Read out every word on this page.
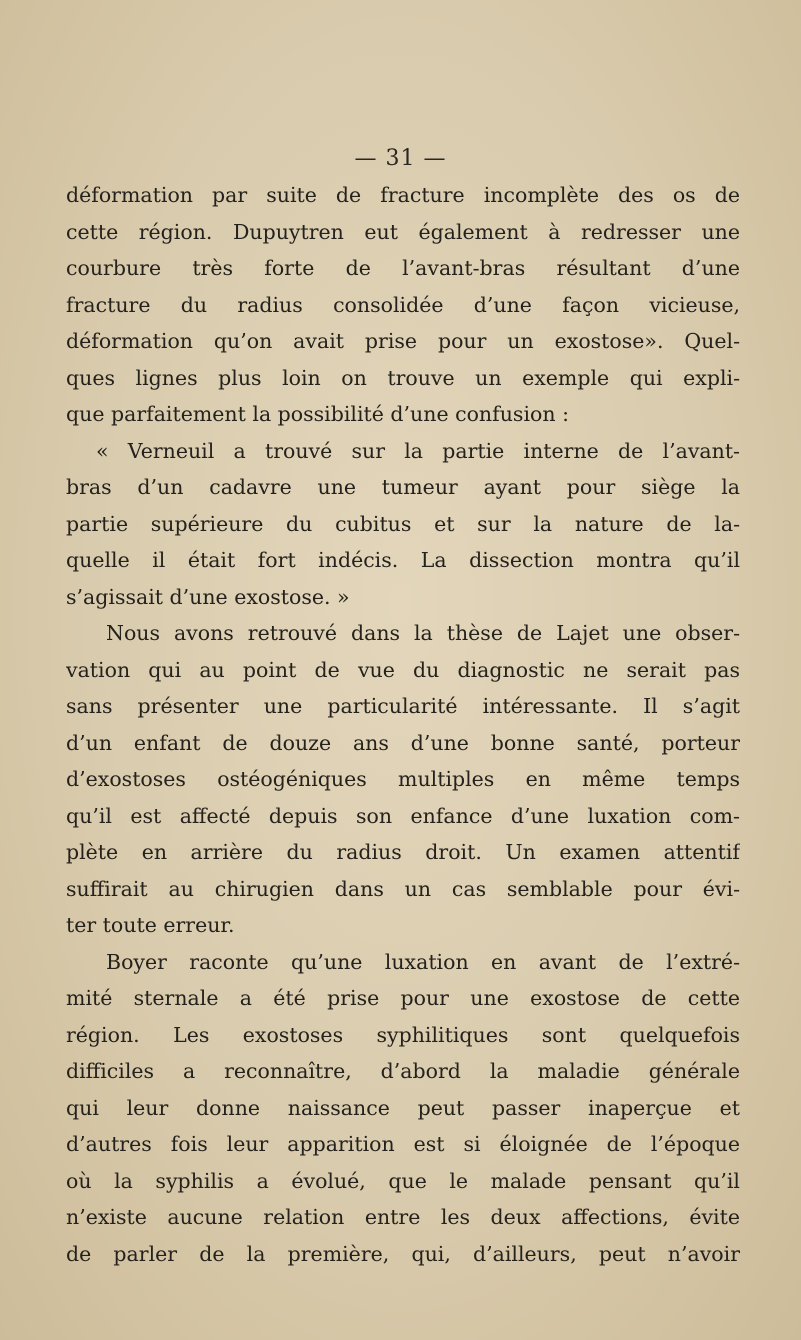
— 31 —
déformation par suite de fracture incomplète des os de
cette région. Dupuytren eut également à redresser une
courbure très forte de l’avant-bras résultant d’une
fracture du radius consolidée d’une façon vicieuse,
déformation qu’on avait prise pour un exostose». Quel-
ques lignes plus loin on trouve un exemple qui expli-
que parfaitement la possibilité d’une confusion :
« Verneuil a trouvé sur la partie interne de l’avant-
bras d’un cadavre une tumeur ayant pour siège la
partie supérieure du cubitus et sur la nature de la-
quelle il était fort indécis. La dissection montra qu’il
s’agissait d’une exostose. »
Nous avons retrouvé dans la thèse de Lajet une obser-
vation qui au point de vue du diagnostic ne serait pas
sans présenter une particularité intéressante. Il s’agit
d’un enfant de douze ans d’une bonne santé, porteur
d’exostoses ostéogéniques multiples en même temps
qu’il est affecté depuis son enfance d’une luxation com-
plète en arrière du radius droit. Un examen attentif
suffirait au chirugien dans un cas semblable pour évi-
ter toute erreur.
Boyer raconte qu’une luxation en avant de l’extré-
mité sternale a été prise pour une exostose de cette
région. Les exostoses syphilitiques sont quelquefois
difficiles a reconnaître, d’abord la maladie générale
qui leur donne naissance peut passer inaperçue et
d’autres fois leur apparition est si éloignée de l’époque
où la syphilis a évolué, que le malade pensant qu’il
n’existe aucune relation entre les deux affections, évite
de parler de la première, qui, d’ailleurs, peut n’avoir
